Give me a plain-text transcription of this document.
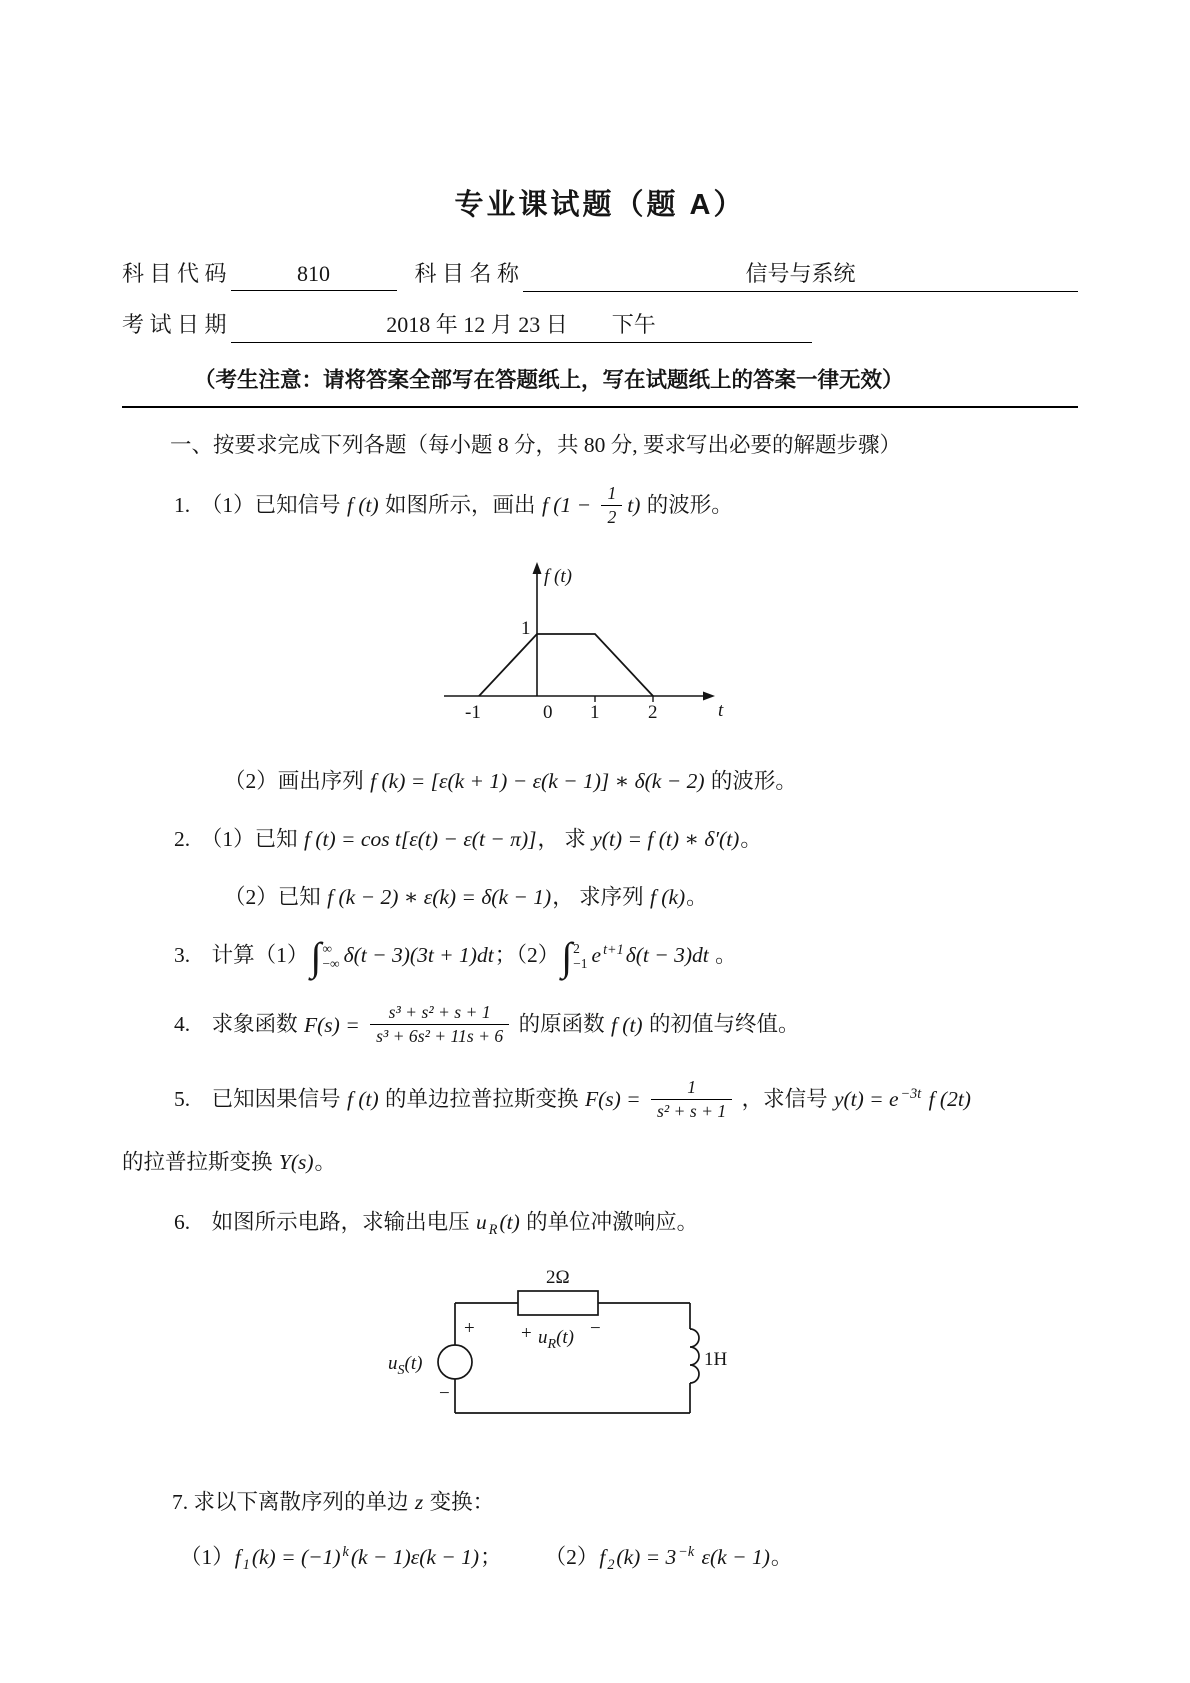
专业课试题（题 A）
科 目 代 码	810	科 目 名 称	信号与系统
考 试 日 期	2018 年 12 月 23 日　　下午
（考生注意：请将答案全部写在答题纸上，写在试题纸上的答案一律无效）
一、按要求完成下列各题（每小题 8 分，共 80 分, 要求写出必要的解题步骤）
1.　（1）已知信号 f (t) 如图所示，画出 f $(1 - \frac{1}{2} t)$ 的波形。
f (t)
1
-1	0 1	2	t
（2）画出序列 f (k) = [ε(k + 1) − ε(k − 1)] ∗ δ(k − 2) 的波形。
2.　（1）已知 f (t) = cos t[ε(t) − ε(t − π)]， 求 y(t) = f (t) ∗ δ′(t)。
（2）已知 f (k − 2) ∗ ε(k) = δ(k − 1)， 求序列 f (k)。
3.　计算（1） ∫ ∞
−∞ δ(t − 3)(3t + 1)dt；（2） ∫ 2
−1 e $^{t+1}$δ(t − 3)dt 。
4.　求象函数 $F(s) = \frac{\text{s³ + s² + s + 1}}{\text{s³ + 6s² + 11s + 6}}$ 的原函数 f (t) 的初值与终值。
5.　已知因果信号 f (t) 的单边拉普拉斯变换 $F(s) = \frac{1}{\text{s² + s + 1}}$ ，求信号 y(t) = e $^{-3t}$ f (2t)
的拉普拉斯变换 Y(s)。
6.　如图所示电路，求输出电压 u $_R$(t) 的单位冲激响应。
2Ω
+ $u_R(t)$ −
+
−
$u_S(t)$	1H
7. 求以下离散序列的单边 z 变换：
（1）f $_1$(k) = (−1) $^k$(k − 1)ε(k − 1)；　　　（2）f $_2$(k) = 3 $^{-k}$ ε(k − 1)。
